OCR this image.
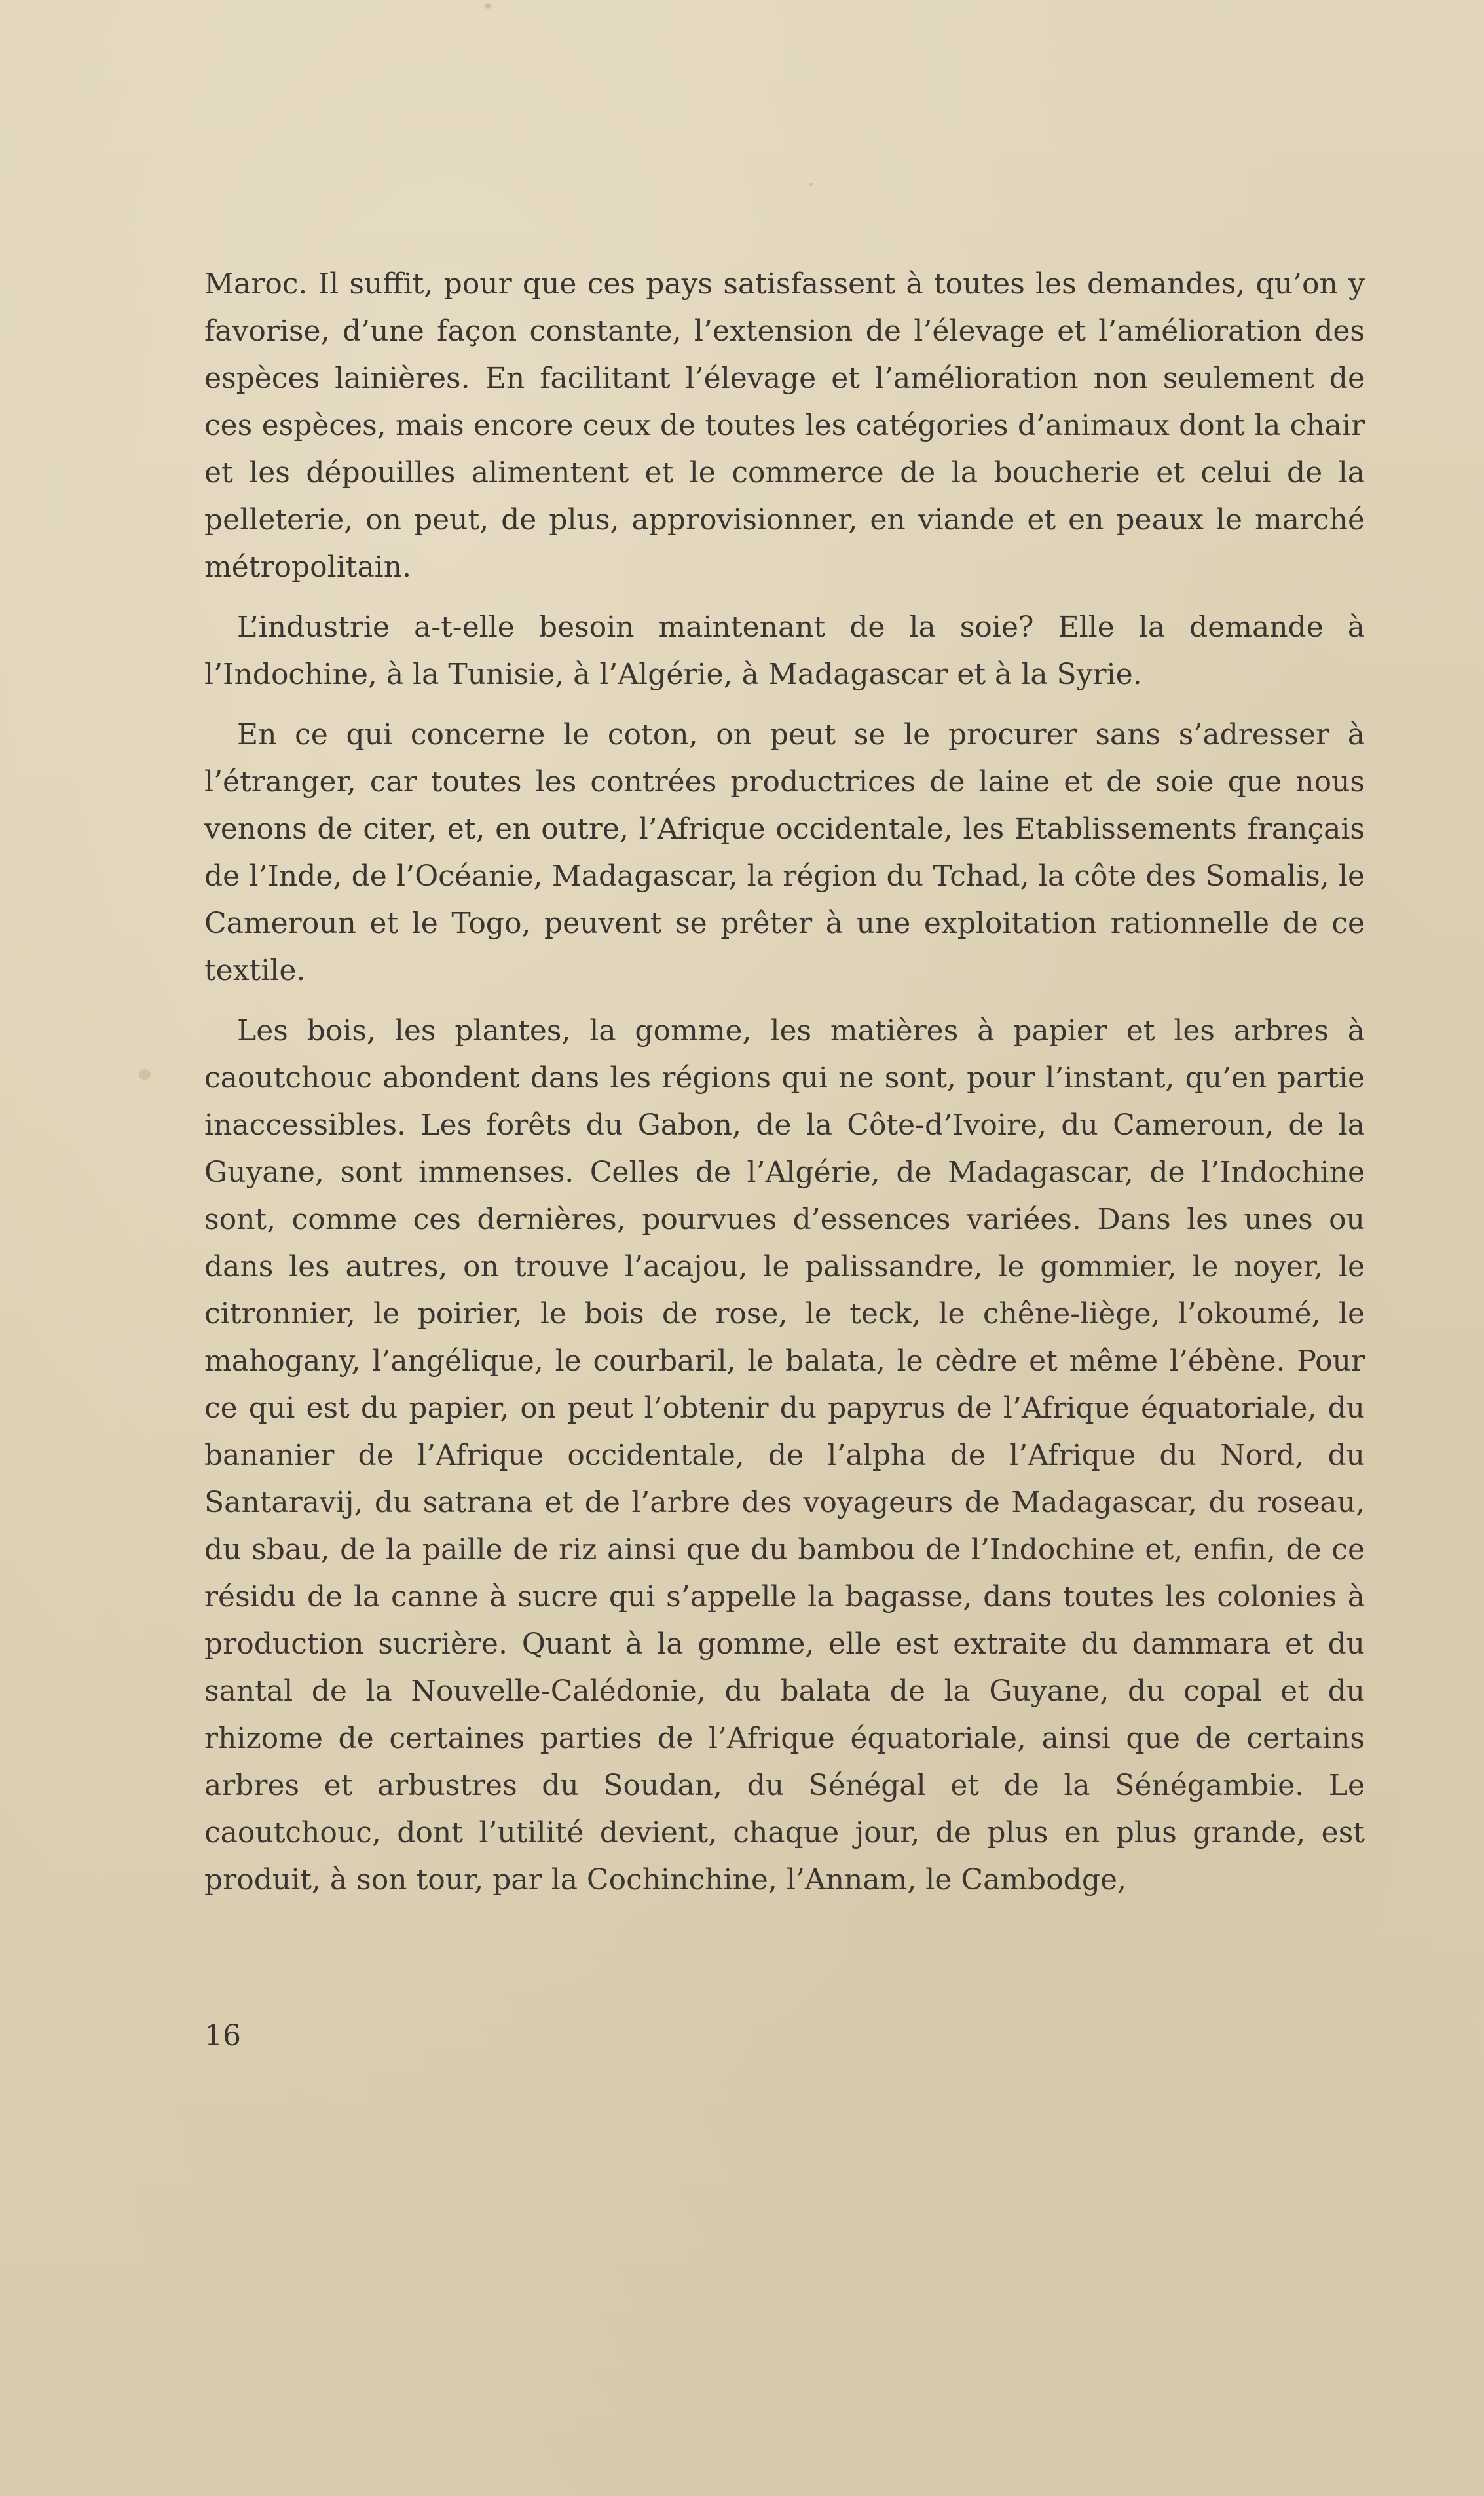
Maroc. Il suffit, pour que ces pays satisfassent à toutes les demandes, qu’on y favorise, d’une façon constante, l’extension de l’élevage et l’amélioration des espèces lainières. En facilitant l’élevage et l’amélioration non seulement de ces espèces, mais encore ceux de toutes les catégories d’animaux dont la chair et les dépouilles alimentent et le commerce de la boucherie et celui de la pelleterie, on peut, de plus, approvisionner, en viande et en peaux le marché métropolitain.

L’industrie a-t-elle besoin maintenant de la soie? Elle la demande à l’Indochine, à la Tunisie, à l’Algérie, à Madagascar et à la Syrie.

En ce qui concerne le coton, on peut se le procurer sans s’adresser à l’étranger, car toutes les contrées productrices de laine et de soie que nous venons de citer, et, en outre, l’Afrique occidentale, les Etablissements français de l’Inde, de l’Océanie, Madagascar, la région du Tchad, la côte des Somalis, le Cameroun et le Togo, peuvent se prêter à une exploitation rationnelle de ce textile.

Les bois, les plantes, la gomme, les matières à papier et les arbres à caoutchouc abondent dans les régions qui ne sont, pour l’instant, qu’en partie inaccessibles. Les forêts du Gabon, de la Côte-d’Ivoire, du Cameroun, de la Guyane, sont immenses. Celles de l’Algérie, de Madagascar, de l’Indochine sont, comme ces dernières, pourvues d’essences variées. Dans les unes ou dans les autres, on trouve l’acajou, le palissandre, le gommier, le noyer, le citronnier, le poirier, le bois de rose, le teck, le chêne-liège, l’okoumé, le mahogany, l’angélique, le courbaril, le balata, le cèdre et même l’ébène. Pour ce qui est du papier, on peut l’obtenir du papyrus de l’Afrique équatoriale, du bananier de l’Afrique occidentale, de l’alpha de l’Afrique du Nord, du Santaravij, du satrana et de l’arbre des voyageurs de Madagascar, du roseau, du sbau, de la paille de riz ainsi que du bambou de l’Indochine et, enfin, de ce résidu de la canne à sucre qui s’appelle la bagasse, dans toutes les colonies à production sucrière. Quant à la gomme, elle est extraite du dammara et du santal de la Nouvelle-Calédonie, du balata de la Guyane, du copal et du rhizome de certaines parties de l’Afrique équatoriale, ainsi que de certains arbres et arbustres du Soudan, du Sénégal et de la Sénégambie. Le caoutchouc, dont l’utilité devient, chaque jour, de plus en plus grande, est produit, à son tour, par la Cochinchine, l’Annam, le Cambodge,

16
